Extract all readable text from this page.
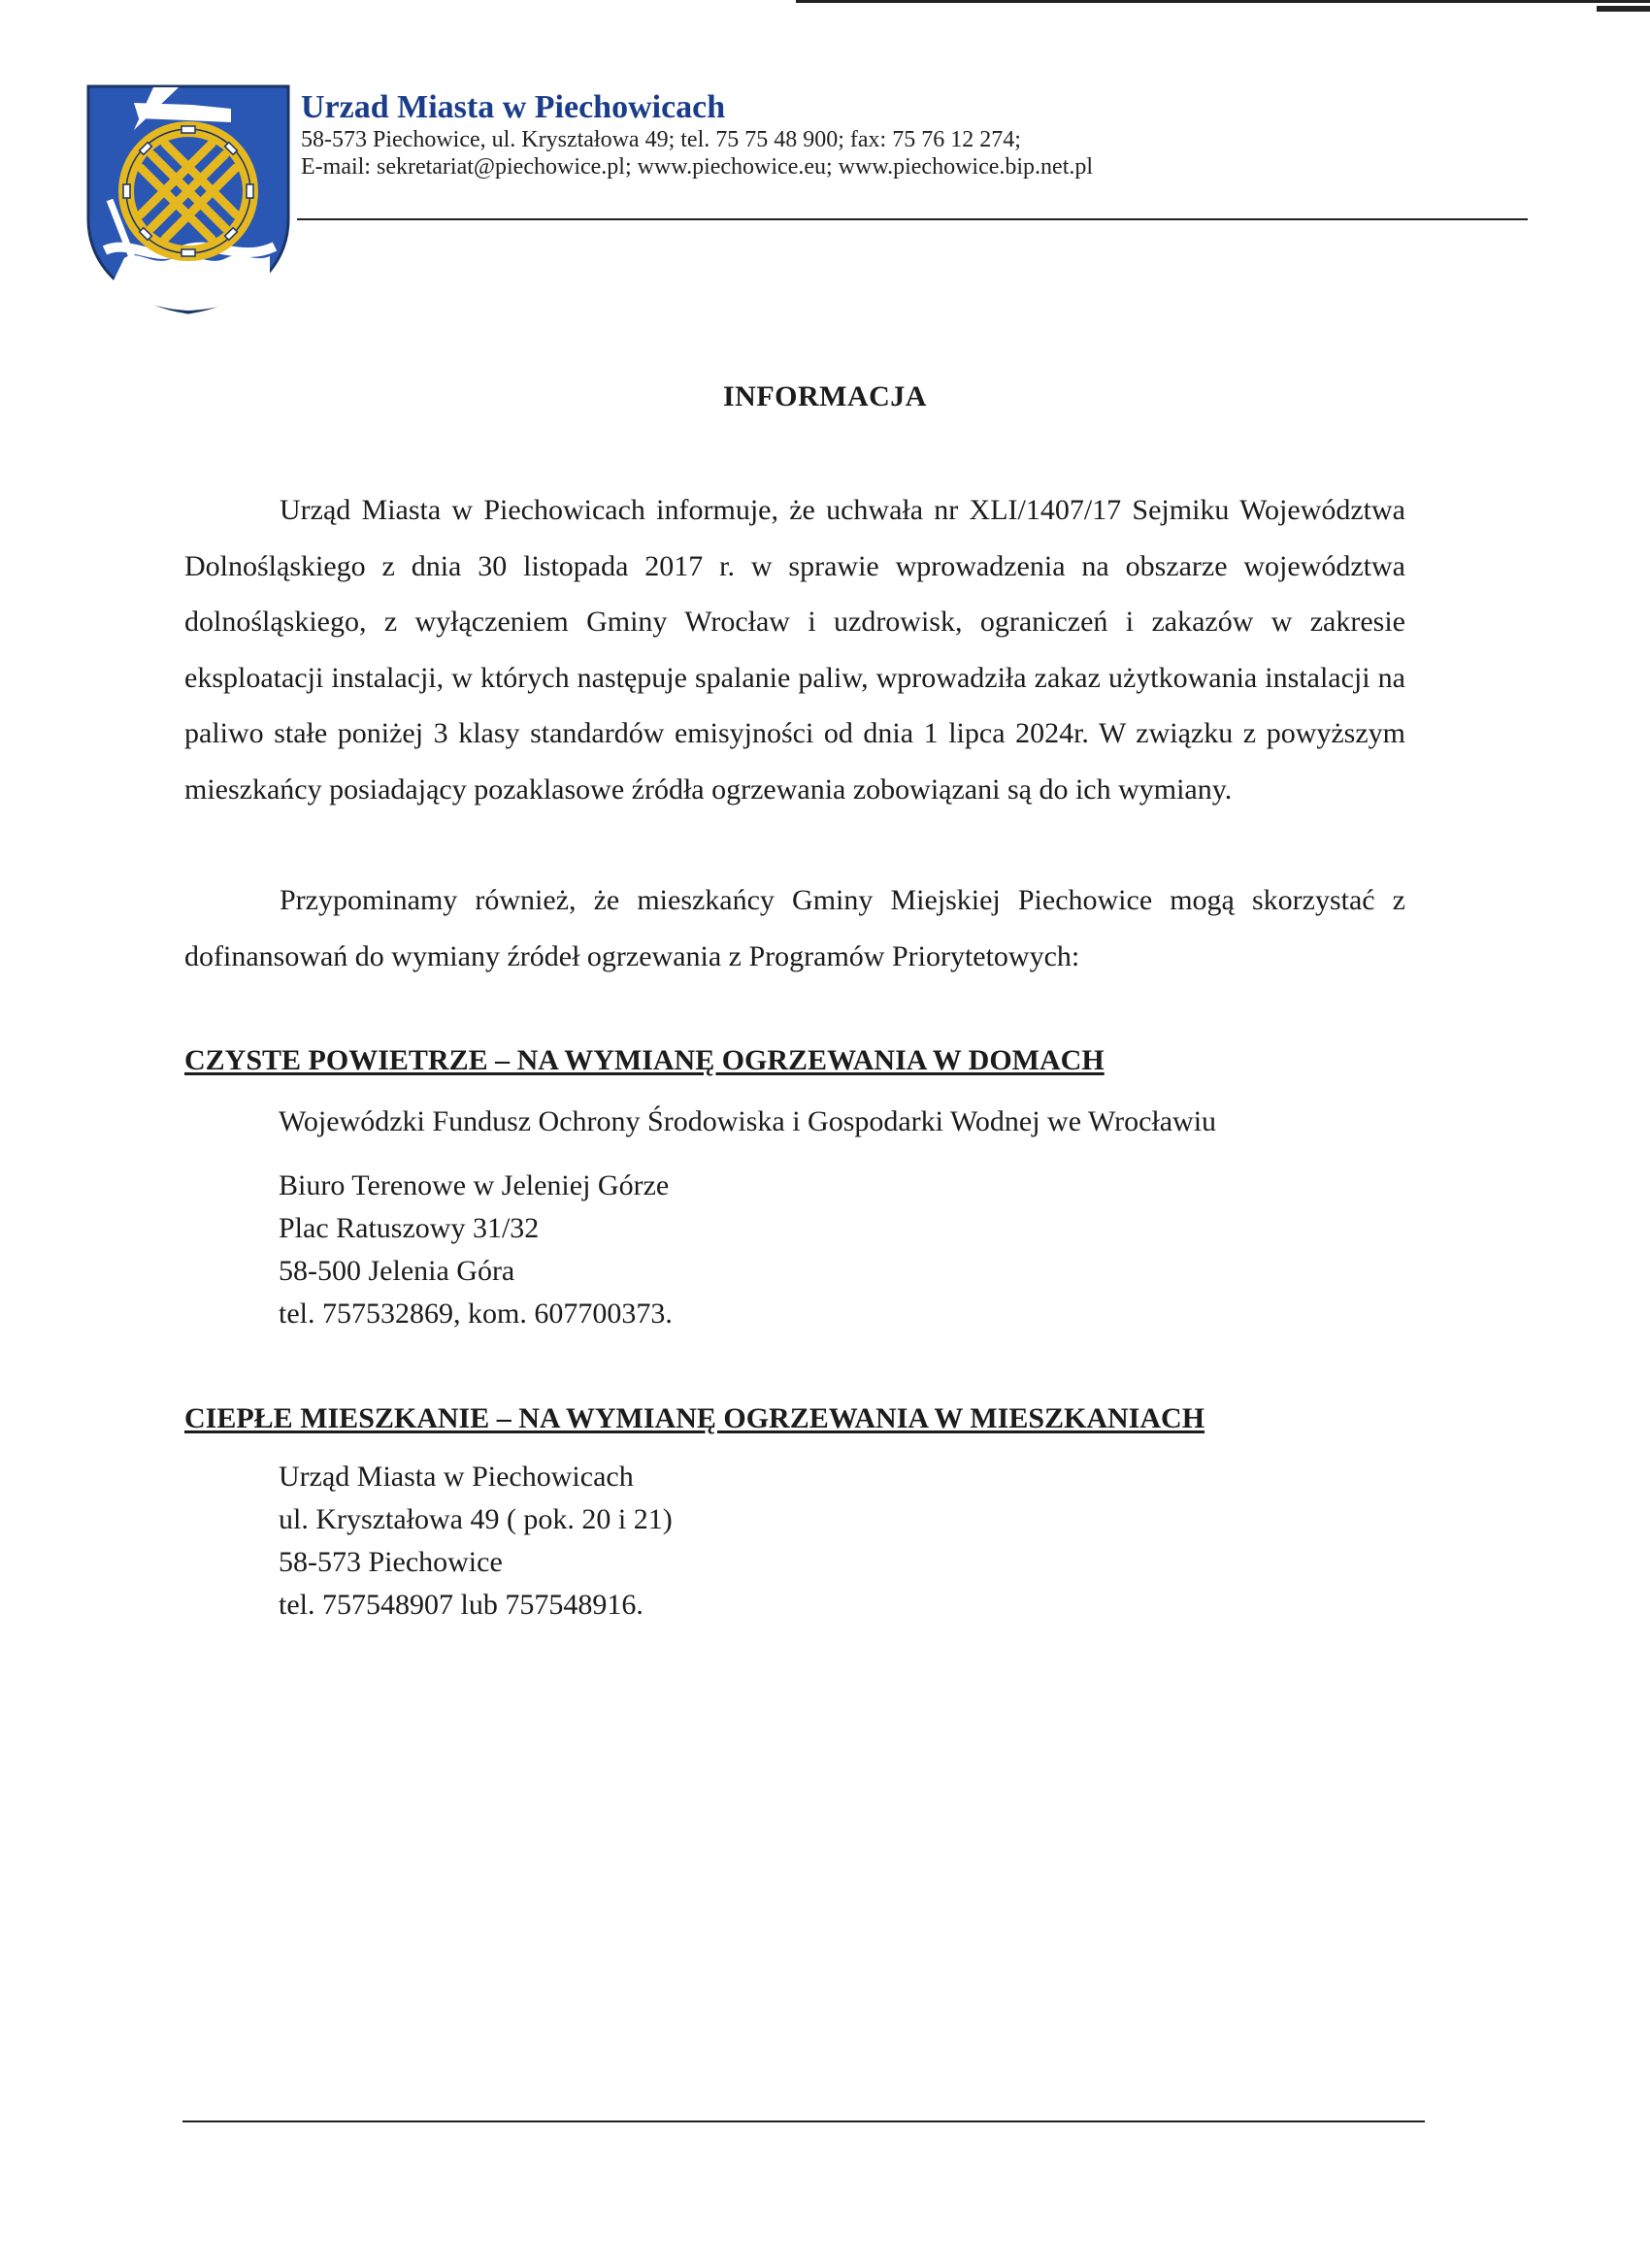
Urzad Miasta w Piechowicach
58-573 Piechowice, ul. Kryształowa 49; tel. 75 75 48 900; fax: 75 76 12 274;
E-mail: sekretariat@piechowice.pl; www.piechowice.eu; www.piechowice.bip.net.pl
INFORMACJA

Urząd Miasta w Piechowicach informuje, że uchwała nr XLI/1407/17 Sejmiku Województwa Dolnośląskiego z dnia 30 listopada 2017 r. w sprawie wprowadzenia na obszarze województwa dolnośląskiego, z wyłączeniem Gminy Wrocław i uzdrowisk, ograniczeń i zakazów w zakresie eksploatacji instalacji, w których następuje spalanie paliw, wprowadziła zakaz użytkowania instalacji na paliwo stałe poniżej 3 klasy standardów emisyjności od dnia 1 lipca 2024r. W związku z powyższym mieszkańcy posiadający pozaklasowe źródła ogrzewania zobowiązani są do ich wymiany.

Przypominamy również, że mieszkańcy Gminy Miejskiej Piechowice mogą skorzystać z dofinansowań do wymiany źródeł ogrzewania z Programów Priorytetowych:

CZYSTE POWIETRZE – NA WYMIANĘ OGRZEWANIA W DOMACH
Wojewódzki Fundusz Ochrony Środowiska i Gospodarki Wodnej we Wrocławiu
Biuro Terenowe w Jeleniej Górze
Plac Ratuszowy 31/32
58-500 Jelenia Góra
tel. 757532869, kom. 607700373.
CIEPŁE MIESZKANIE – NA WYMIANĘ OGRZEWANIA W MIESZKANIACH
Urząd Miasta w Piechowicach
ul. Kryształowa 49 ( pok. 20 i 21)
58-573 Piechowice
tel. 757548907 lub 757548916.
